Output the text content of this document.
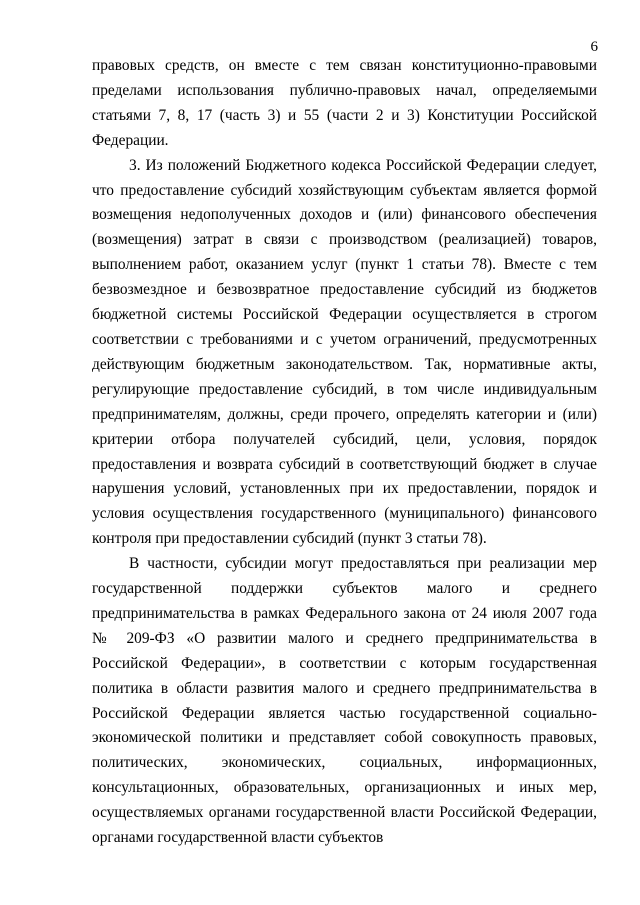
6

правовых средств, он вместе с тем связан конституционно-правовыми пределами использования публично-правовых начал, определяемыми статьями 7, 8, 17 (часть 3) и 55 (части 2 и 3) Конституции Российской Федерации.

3. Из положений Бюджетного кодекса Российской Федерации следует, что предоставление субсидий хозяйствующим субъектам является формой возмещения недополученных доходов и (или) финансового обеспечения (возмещения) затрат в связи с производством (реализацией) товаров, выполнением работ, оказанием услуг (пункт 1 статьи 78). Вместе с тем безвозмездное и безвозвратное предоставление субсидий из бюджетов бюджетной системы Российской Федерации осуществляется в строгом соответствии с требованиями и с учетом ограничений, предусмотренных действующим бюджетным законодательством. Так, нормативные акты, регулирующие предоставление субсидий, в том числе индивидуальным предпринимателям, должны, среди прочего, определять категории и (или) критерии отбора получателей субсидий, цели, условия, порядок предоставления и возврата субсидий в соответствующий бюджет в случае нарушения условий, установленных при их предоставлении, порядок и условия осуществления государственного (муниципального) финансового контроля при предоставлении субсидий (пункт 3 статьи 78).

В частности, субсидии могут предоставляться при реализации мер государственной поддержки субъектов малого и среднего предпринимательства в рамках Федерального закона от 24 июля 2007 года № 209-ФЗ «О развитии малого и среднего предпринимательства в Российской Федерации», в соответствии с которым государственная политика в области развития малого и среднего предпринимательства в Российской Федерации является частью государственной социально-экономической политики и представляет собой совокупность правовых, политических, экономических, социальных, информационных, консультационных, образовательных, организационных и иных мер, осуществляемых органами государственной власти Российской Федерации, органами государственной власти субъектов
